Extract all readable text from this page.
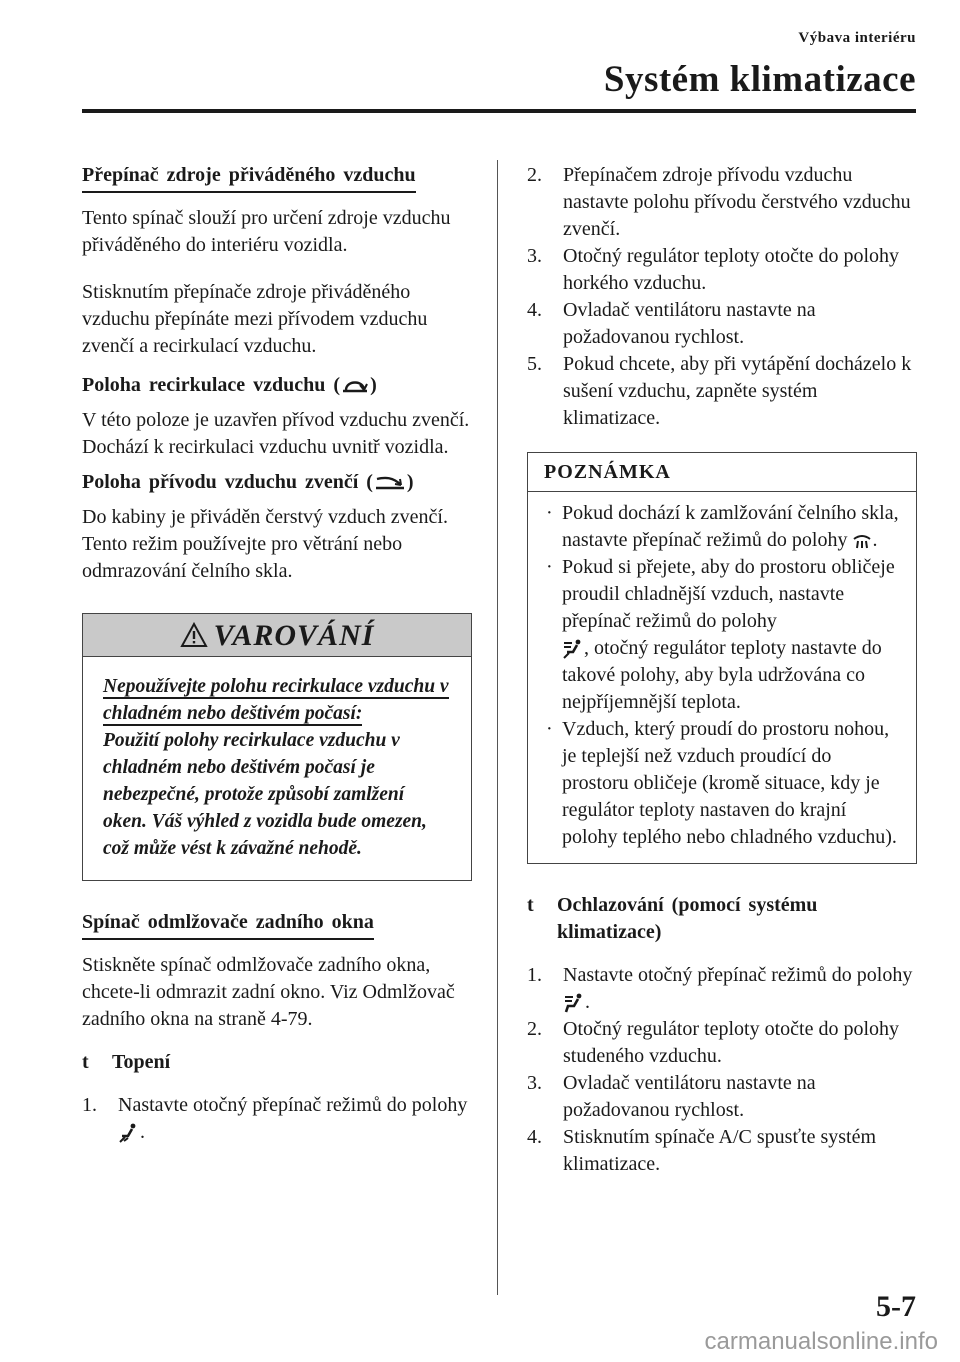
Výbava interiéru
Systém klimatizace

Přepínač zdroje přiváděného vzduchu

Tento spínač slouží pro určení zdroje vzduchu přiváděného do interiéru vozidla.

Stisknutím přepínače zdroje přiváděného vzduchu přepínáte mezi přívodem vzduchu zvenčí a recirkulací vzduchu.

Poloha recirkulace vzduchu ( )

V této poloze je uzavřen přívod vzduchu zvenčí. Dochází k recirkulaci vzduchu uvnitř vozidla.

Poloha přívodu vzduchu zvenčí ( )

Do kabiny je přiváděn čerstvý vzduch zvenčí. Tento režim používejte pro větrání nebo odmrazování čelního skla.

VAROVÁNÍ
Nepoužívejte polohu recirkulace vzduchu v chladném nebo deštivém počasí:
Použití polohy recirkulace vzduchu v chladném nebo deštivém počasí je nebezpečné, protože způsobí zamlžení oken. Váš výhled z vozidla bude omezen, což může vést k závažné nehodě.

Spínač odmlžovače zadního okna

Stiskněte spínač odmlžovače zadního okna, chcete-li odmrazit zadní okno. Viz Odmlžovač zadního okna na straně 4-79.

t Topení

1. Nastavte otočný přepínač režimů do polohy
.
2. Přepínačem zdroje přívodu vzduchu nastavte polohu přívodu čerstvého vzduchu zvenčí.
3. Otočný regulátor teploty otočte do polohy horkého vzduchu.
4. Ovladač ventilátoru nastavte na požadovanou rychlost.
5. Pokud chcete, aby při vytápění docházelo k sušení vzduchu, zapněte systém klimatizace.
POZNÁMKA
· Pokud dochází k zamlžování čelního skla, nastavte přepínač režimů do polohy .
· Pokud si přejete, aby do prostoru obličeje proudil chladnější vzduch, nastavte přepínač režimů do polohy

, otočný regulátor teploty nastavte do takové polohy, aby byla udržována co nejpříjemnější teplota.
· Vzduch, který proudí do prostoru nohou, je teplejší než vzduch proudící do prostoru obličeje (kromě situace, kdy je regulátor teploty nastaven do krajní polohy teplého nebo chladného vzduchu).

t	Ochlazování (pomocí systému klimatizace)

1. Nastavte otočný přepínač režimů do polohy
.
2. Otočný regulátor teploty otočte do polohy studeného vzduchu.
3. Ovladač ventilátoru nastavte na požadovanou rychlost.
4. Stisknutím spínače A/C spusťte systém klimatizace.
5-7
carmanualsonline.info
